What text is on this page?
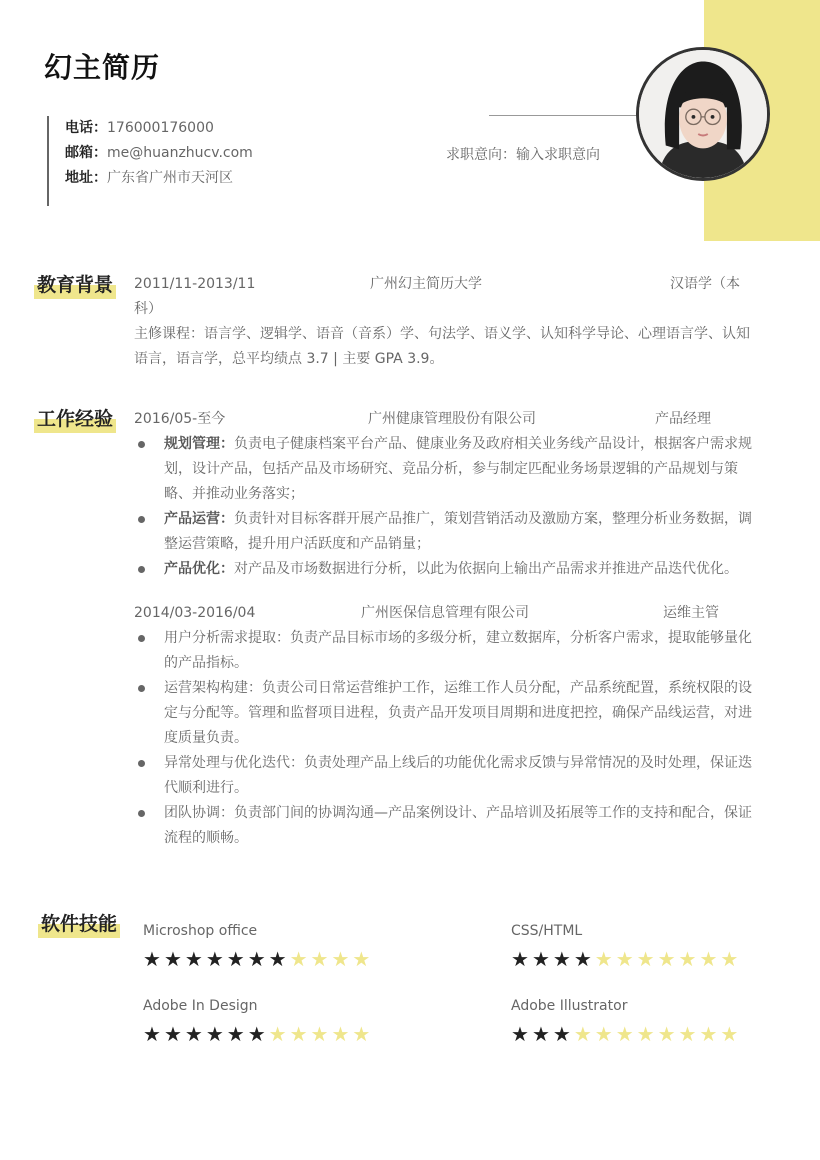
幻主简历
电话：176000176000
邮箱：me@huanzhucv.com
地址：广东省广州市天河区
求职意向：输入求职意向
教育背景 2011/11-2013/11	广州幻主简历大学	汉语学（本
科）
主修课程：语言学、逻辑学、语音（音系）学、句法学、语义学、认知科学导论、心理语言学、认知语言，语言学，总平均绩点 3.7 | 主要 GPA 3.9。
工作经验 2016/05-至今	广州健康管理股份有限公司	产品经理
规划管理：负责电子健康档案平台产品、健康业务及政府相关业务线产品设计，根据客户需求规划，设计产品，包括产品及市场研究、竞品分析，参与制定匹配业务场景逻辑的产品规划与策略、并推动业务落实；
产品运营：负责针对目标客群开展产品推广，策划营销活动及激励方案，整理分析业务数据，调整运营策略，提升用户活跃度和产品销量；
产品优化：对产品及市场数据进行分析，以此为依据向上输出产品需求并推进产品迭代优化。
2014/03-2016/04	广州医保信息管理有限公司	运维主管
用户分析需求提取：负责产品目标市场的多级分析，建立数据库，分析客户需求，提取能够量化的产品指标。
运营架构构建：负责公司日常运营维护工作，运维工作人员分配，产品系统配置，系统权限的设定与分配等。管理和监督项目进程，负责产品开发项目周期和进度把控，确保产品线运营，对进度质量负责。
异常处理与优化迭代：负责处理产品上线后的功能优化需求反馈与异常情况的及时处理，保证迭代顺利进行。
团队协调：负责部门间的协调沟通—产品案例设计、产品培训及拓展等工作的支持和配合，保证流程的顺畅。
软件技能 Microshop office
★★★★★★★★★★★
CSS/HTML
★★★★★★★★★★★
Adobe In Design
★★★★★★★★★★★
Adobe Illustrator
★★★★★★★★★★★
